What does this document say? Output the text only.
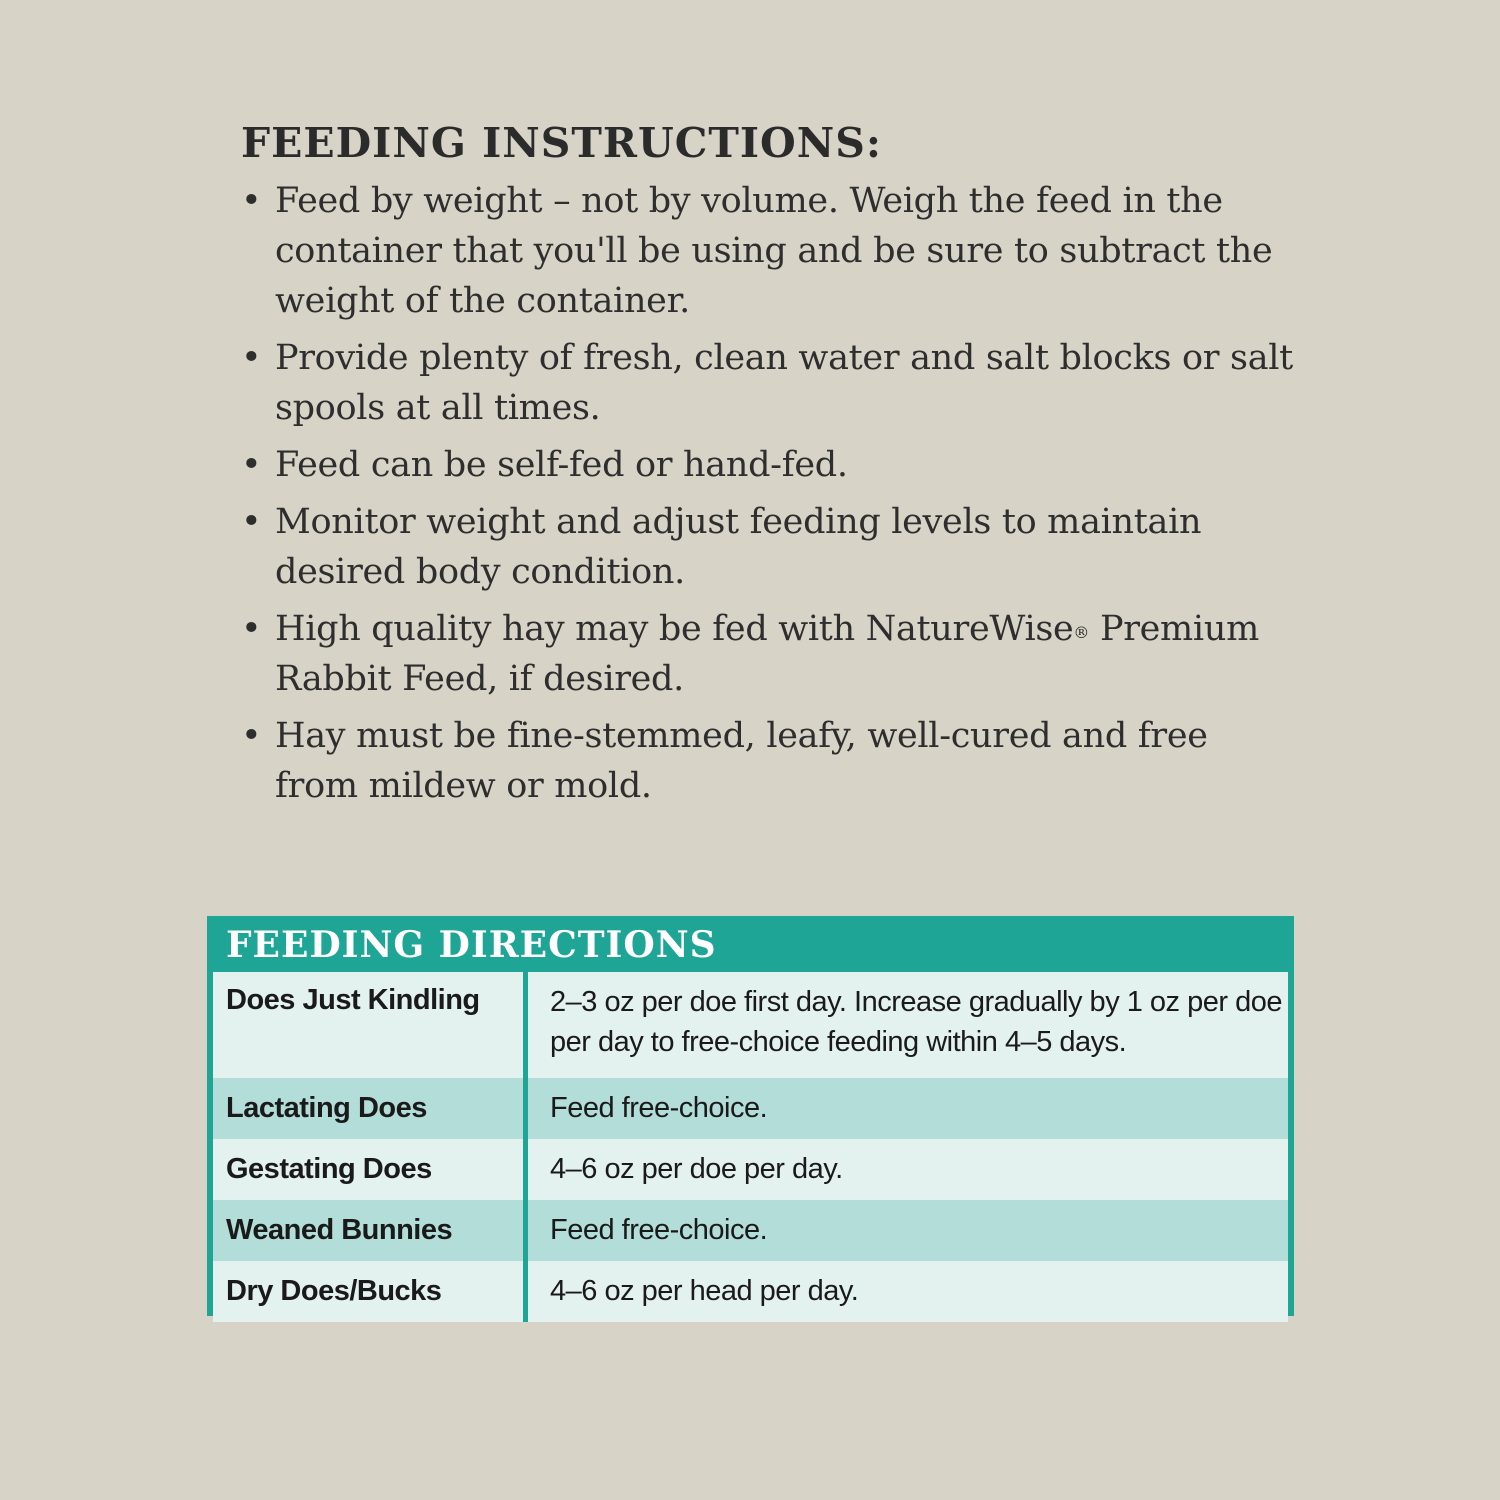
FEEDING INSTRUCTIONS:
• Feed by weight – not by volume. Weigh the feed in the container that you'll be using and be sure to subtract the weight of the container.
• Provide plenty of fresh, clean water and salt blocks or salt spools at all times.
• Feed can be self-fed or hand-fed.
• Monitor weight and adjust feeding levels to maintain desired body condition.
• High quality hay may be fed with NatureWise® Premium Rabbit Feed, if desired.
• Hay must be fine-stemmed, leafy, well-cured and free from mildew or mold.
FEEDING DIRECTIONS
Does Just Kindling	2–3 oz per doe first day. Increase gradually by 1 oz per doe per day to free-choice feeding within 4–5 days.
Lactating Does	Feed free-choice.
Gestating Does	4–6 oz per doe per day.
Weaned Bunnies	Feed free-choice.
Dry Does/Bucks	4–6 oz per head per day.
